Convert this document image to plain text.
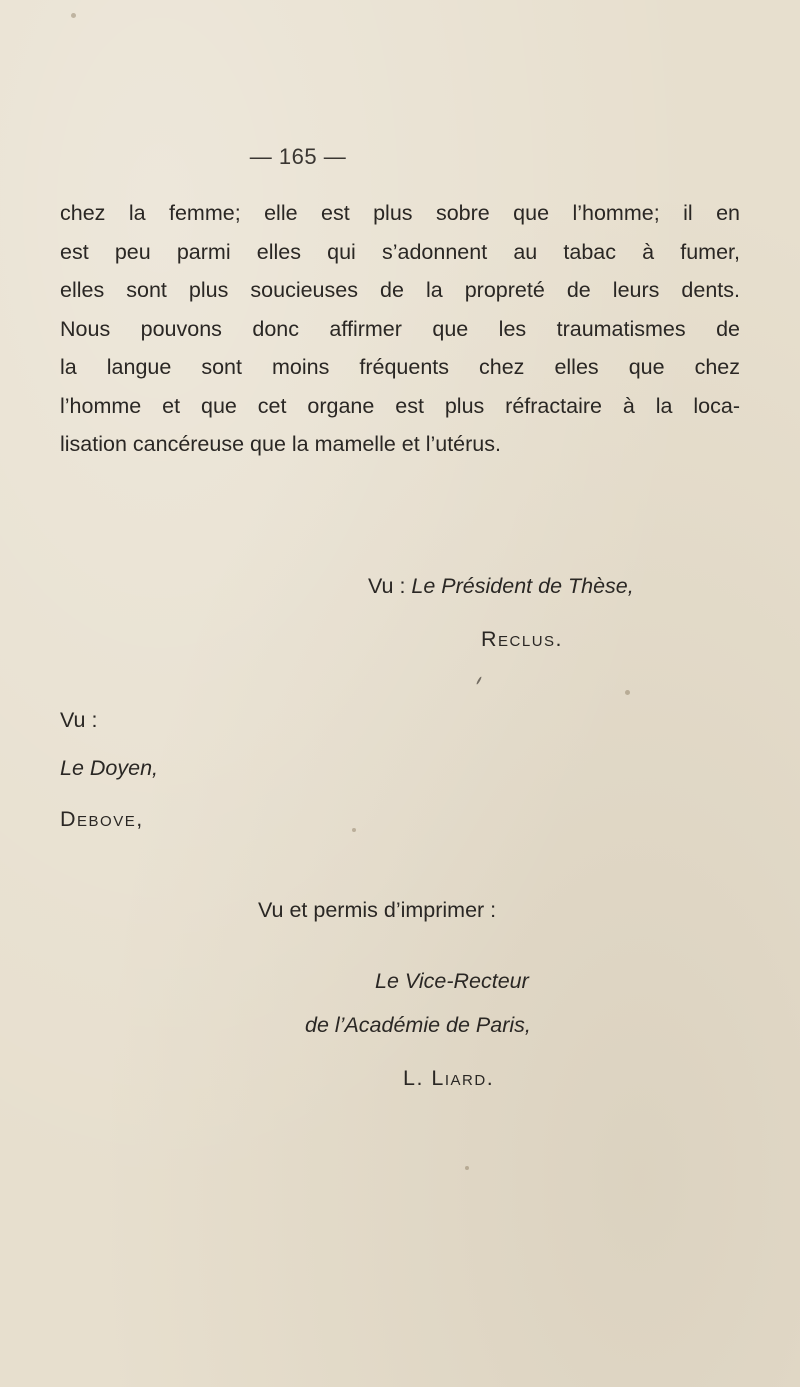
— 165 —
chez la femme; elle est plus sobre que l’homme; il en
est peu parmi elles qui s’adonnent au tabac à fumer,
elles sont plus soucieuses de la propreté de leurs dents.
Nous pouvons donc affirmer que les traumatismes de
la langue sont moins fréquents chez elles que chez
l’homme et que cet organe est plus réfractaire à la loca-
lisation cancéreuse que la mamelle et l’utérus.
Vu : Le Président de Thèse,
Reclus.
Vu :
Le Doyen,
Debove,
Vu et permis d’imprimer :
Le Vice-Recteur
de l’Académie de Paris,
L. Liard.
